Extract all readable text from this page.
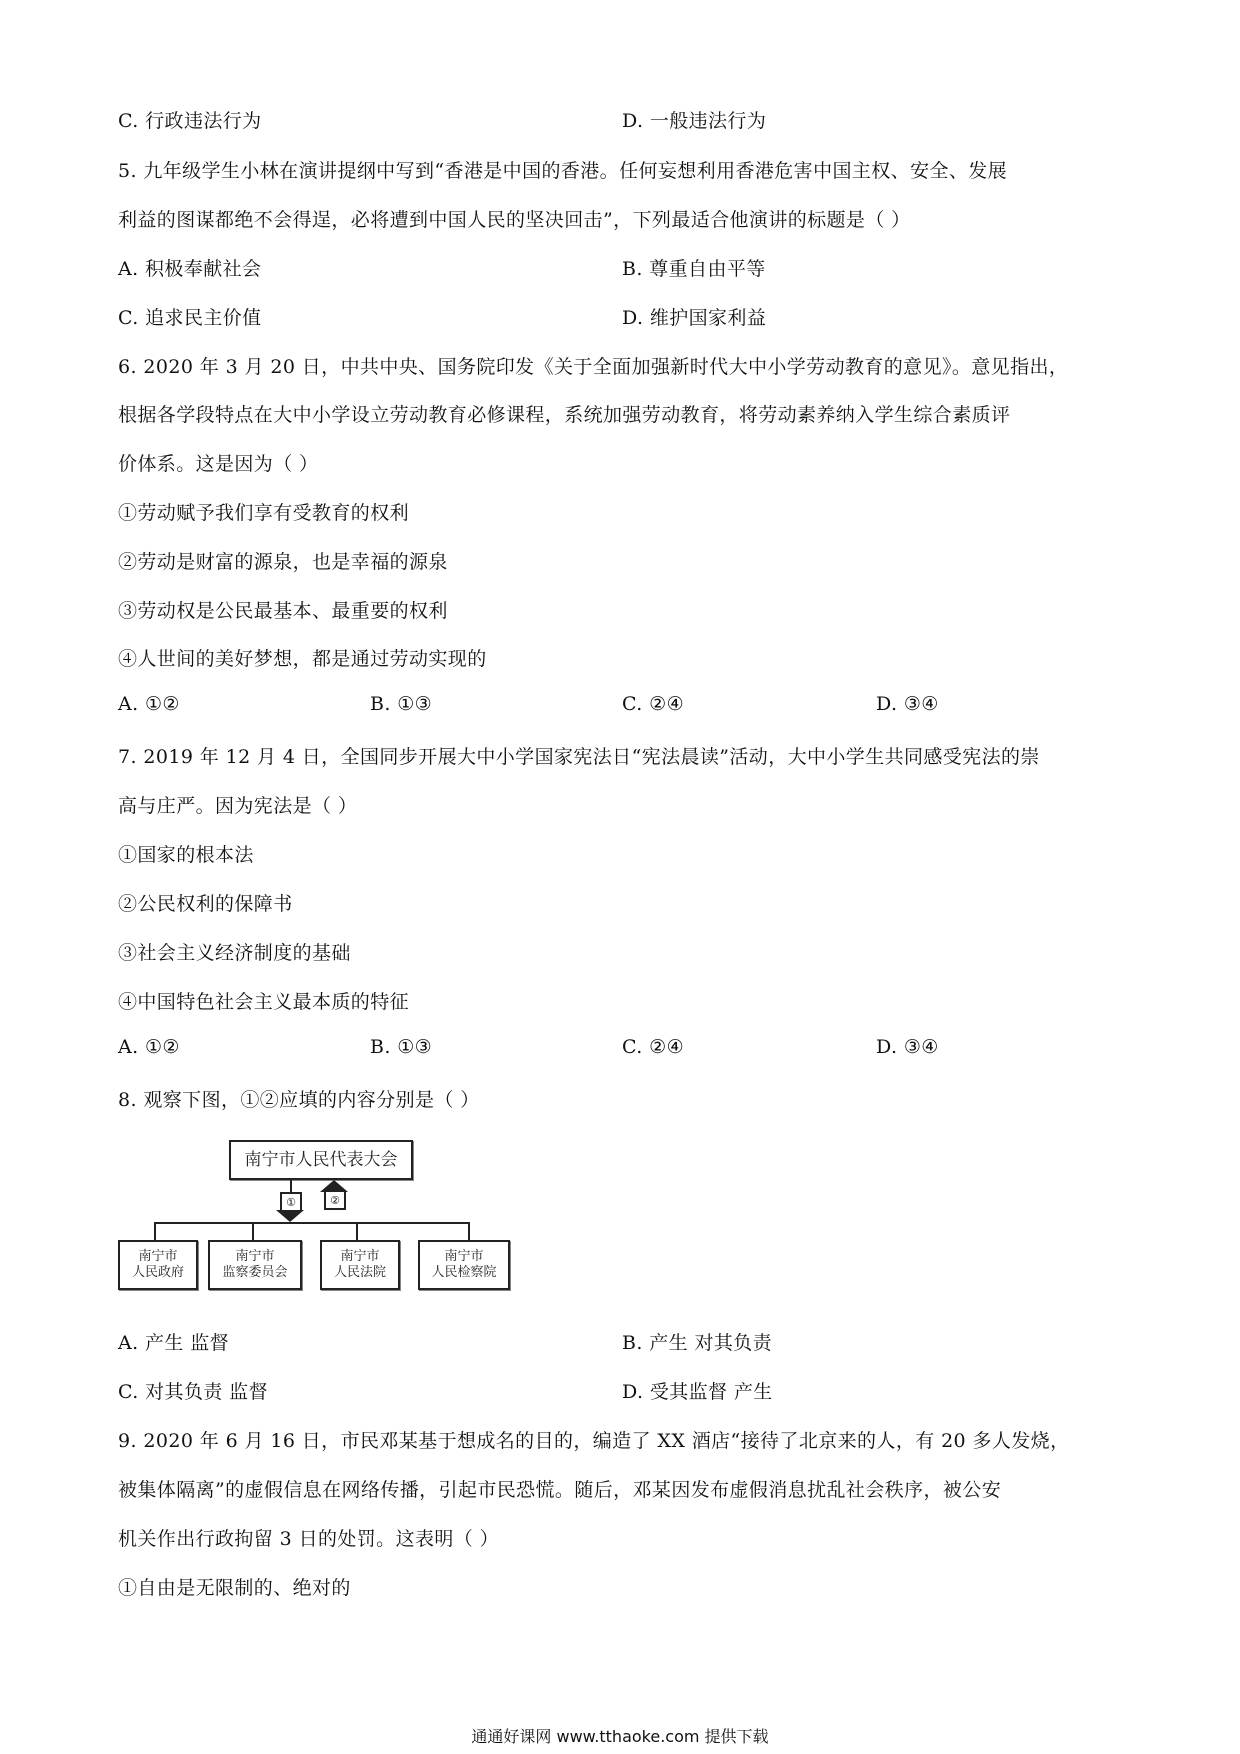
C. 行政违法行为	D. 一般违法行为
5. 九年级学生小林在演讲提纲中写到“香港是中国的香港。任何妄想利用香港危害中国主权、安全、发展
利益的图谋都绝不会得逞，必将遭到中国人民的坚决回击”，下列最适合他演讲的标题是（ ）
A. 积极奉献社会	B. 尊重自由平等
C. 追求民主价值	D. 维护国家利益
6. 2020 年 3 月 20 日，中共中央、国务院印发《关于全面加强新时代大中小学劳动教育的意见》。意见指出，
根据各学段特点在大中小学设立劳动教育必修课程，系统加强劳动教育，将劳动素养纳入学生综合素质评
价体系。这是因为（ ）
①劳动赋予我们享有受教育的权利
②劳动是财富的源泉，也是幸福的源泉
③劳动权是公民最基本、最重要的权利
④人世间的美好梦想，都是通过劳动实现的
A. ①②	B. ①③	C. ②④	D. ③④
7. 2019 年 12 月 4 日，全国同步开展大中小学国家宪法日“宪法晨读”活动，大中小学生共同感受宪法的崇
高与庄严。因为宪法是（ ）
①国家的根本法
②公民权利的保障书
③社会主义经济制度的基础
④中国特色社会主义最本质的特征
A. ①②	B. ①③	C. ②④	D. ③④
8. 观察下图，①②应填的内容分别是（ ）
南宁市人民代表大会
①	②
南宁市
人民政府
南宁市
监察委员会
南宁市
人民法院
南宁市
人民检察院
A. 产生 监督	B. 产生 对其负责
C. 对其负责 监督	D. 受其监督 产生
9. 2020 年 6 月 16 日，市民邓某基于想成名的目的，编造了 XX 酒店“接待了北京来的人，有 20 多人发烧，
被集体隔离”的虚假信息在网络传播，引起市民恐慌。随后，邓某因发布虚假消息扰乱社会秩序，被公安
机关作出行政拘留 3 日的处罚。这表明（ ）
①自由是无限制的、绝对的
通通好课网 www.tthaoke.com 提供下载
